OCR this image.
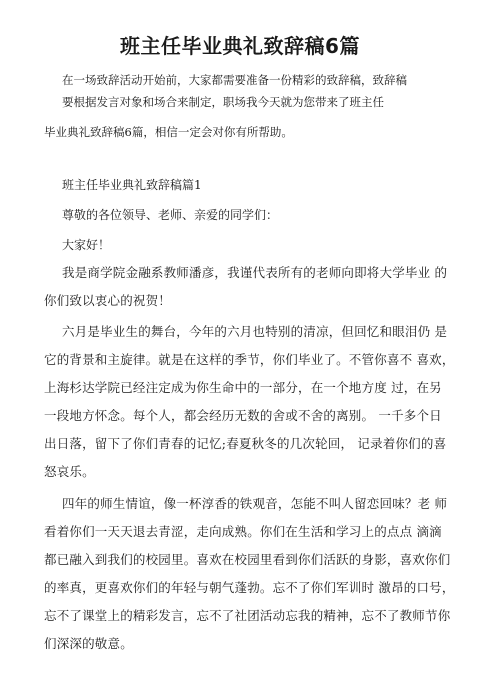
班主任毕业典礼致辞稿6篇

在一场致辞活动开始前，大家都需要准备一份精彩的致辞稿，致辞稿

要根据发言对象和场合来制定，职场我今天就为您带来了班主任

毕业典礼致辞稿6篇，相信一定会对你有所帮助。

班主任毕业典礼致辞稿篇1

尊敬的各位领导、老师、亲爱的同学们：

大家好！

我是商学院金融系教师潘彦，我谨代表所有的老师向即将大学毕业 的

你们致以衷心的祝贺！

六月是毕业生的舞台，今年的六月也特别的清凉，但回忆和眼泪仍 是

它的背景和主旋律。就是在这样的季节，你们毕业了。不管你喜不 喜欢，

上海杉达学院已经注定成为你生命中的一部分，在一个地方度 过，在另

一段地方怀念。每个人，都会经历无数的舍或不舍的离别。 一千多个日

出日落，留下了你们青春的记忆;春夏秋冬的几次轮回， 记录着你们的喜

怒哀乐。

四年的师生情谊，像一杯淳香的铁观音，怎能不叫人留恋回味？老 师

看着你们一天天退去青涩，走向成熟。你们在生活和学习上的点点 滴滴

都已融入到我们的校园里。喜欢在校园里看到你们活跃的身影，喜欢你们

的率真，更喜欢你们的年轻与朝气蓬勃。忘不了你们军训时 激昂的口号，

忘不了课堂上的精彩发言，忘不了社团活动忘我的精神，忘不了教师节你

们深深的敬意。
